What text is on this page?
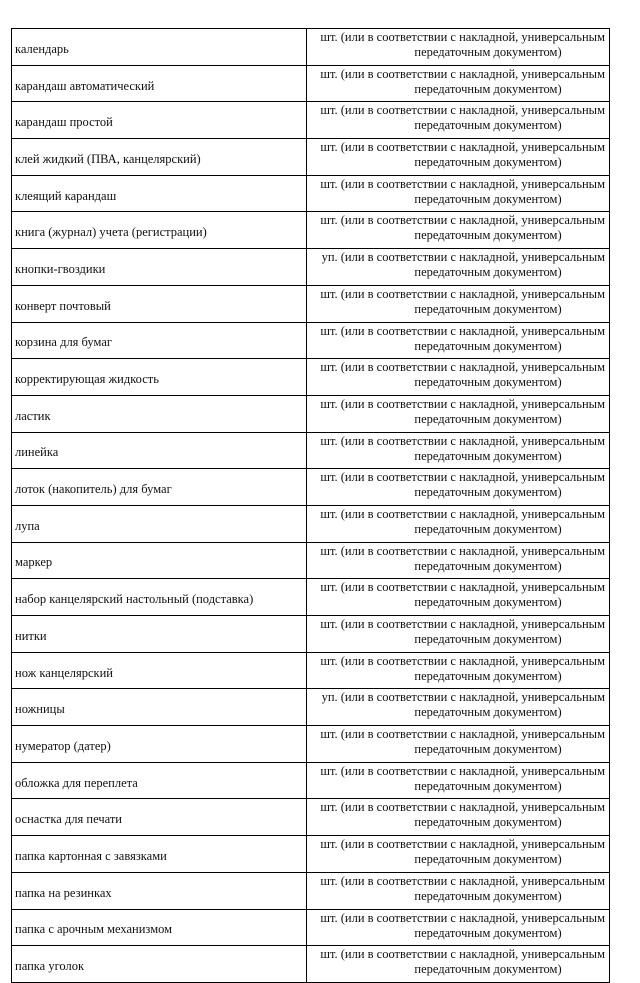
календарь	шт. (или в соответствии с накладной, универсальным
передаточным документом)

карандаш автоматический	шт. (или в соответствии с накладной, универсальным
передаточным документом)

карандаш простой	шт. (или в соответствии с накладной, универсальным
передаточным документом)

клей жидкий (ПВА, канцелярский)	шт. (или в соответствии с накладной, универсальным
передаточным документом)

клеящий карандаш	шт. (или в соответствии с накладной, универсальным
передаточным документом)

книга (журнал) учета (регистрации)	шт. (или в соответствии с накладной, универсальным
передаточным документом)

кнопки-гвоздики	уп. (или в соответствии с накладной, универсальным
передаточным документом)

конверт почтовый	шт. (или в соответствии с накладной, универсальным
передаточным документом)

корзина для бумаг	шт. (или в соответствии с накладной, универсальным
передаточным документом)

корректирующая жидкость	шт. (или в соответствии с накладной, универсальным
передаточным документом)

ластик	шт. (или в соответствии с накладной, универсальным
передаточным документом)

линейка	шт. (или в соответствии с накладной, универсальным
передаточным документом)

лоток (накопитель) для бумаг	шт. (или в соответствии с накладной, универсальным
передаточным документом)

лупа	шт. (или в соответствии с накладной, универсальным
передаточным документом)

маркер	шт. (или в соответствии с накладной, универсальным
передаточным документом)

набор канцелярский настольный (подставка)	шт. (или в соответствии с накладной, универсальным
передаточным документом)

нитки	шт. (или в соответствии с накладной, универсальным
передаточным документом)

нож канцелярский	шт. (или в соответствии с накладной, универсальным
передаточным документом)

ножницы	уп. (или в соответствии с накладной, универсальным
передаточным документом)

нумератор (датер)	шт. (или в соответствии с накладной, универсальным
передаточным документом)

обложка для переплета	шт. (или в соответствии с накладной, универсальным
передаточным документом)

оснастка для печати	шт. (или в соответствии с накладной, универсальным
передаточным документом)

папка картонная с завязками	шт. (или в соответствии с накладной, универсальным
передаточным документом)

папка на резинках	шт. (или в соответствии с накладной, универсальным
передаточным документом)

папка с арочным механизмом	шт. (или в соответствии с накладной, универсальным
передаточным документом)

папка уголок	шт. (или в соответствии с накладной, универсальным
передаточным документом)
